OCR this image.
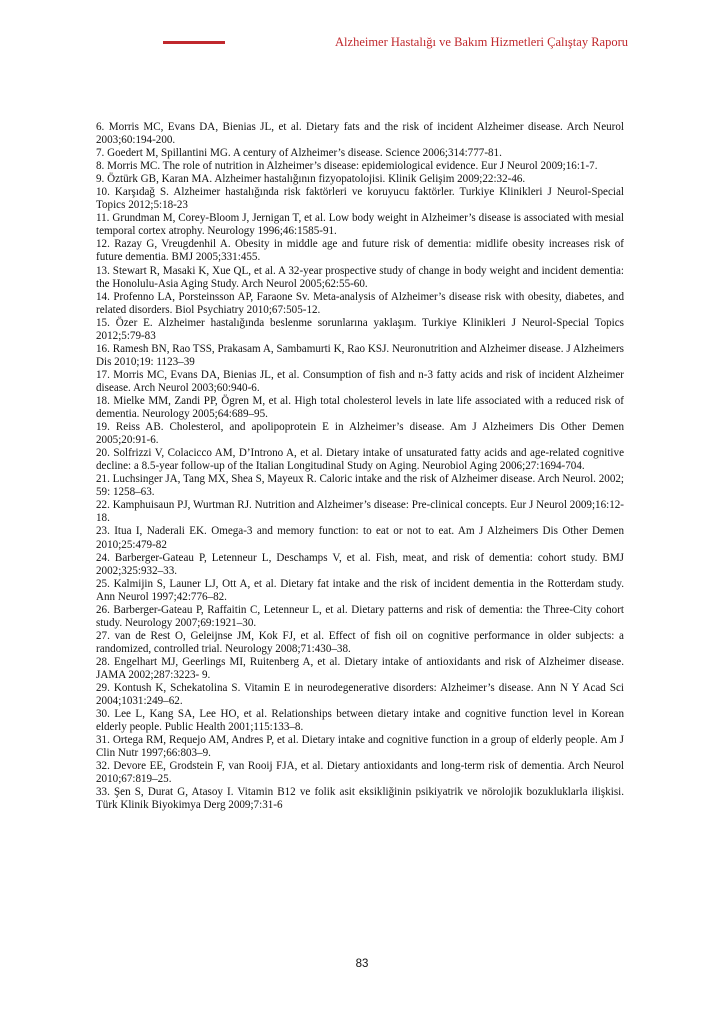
Alzheimer Hastalığı ve Bakım Hizmetleri Çalıştay Raporu
6. Morris MC, Evans DA, Bienias JL, et al. Dietary fats and the risk of incident Alzheimer disease. Arch Neurol 2003;60:194-200.
7. Goedert M, Spillantini MG. A century of Alzheimer’s disease. Science 2006;314:777-81.
8. Morris MC. The role of nutrition in Alzheimer’s disease: epidemiological evidence. Eur J Neurol 2009;16:1-7.
9. Öztürk GB, Karan MA. Alzheimer hastalığının fizyopatolojisi. Klinik Gelişim 2009;22:32-46.
10. Karşıdağ S. Alzheimer hastalığında risk faktörleri ve koruyucu faktörler. Turkiye Klinikleri J Neurol-Special Topics 2012;5:18-23
11. Grundman M, Corey-Bloom J, Jernigan T, et al. Low body weight in Alzheimer’s disease is associated with mesial temporal cortex atrophy. Neurology 1996;46:1585-91.
12. Razay G, Vreugdenhil A. Obesity in middle age and future risk of dementia: midlife obesity increases risk of future dementia. BMJ 2005;331:455.
13. Stewart R, Masaki K, Xue QL, et al. A 32-year prospective study of change in body weight and incident dementia: the Honolulu-Asia Aging Study. Arch Neurol 2005;62:55-60.
14. Profenno LA, Porsteinsson AP, Faraone Sv. Meta-analysis of Alzheimer’s disease risk with obesity, diabetes, and related disorders. Biol Psychiatry 2010;67:505-12.
15. Özer E. Alzheimer hastalığında beslenme sorunlarına yaklaşım. Turkiye Klinikleri J Neurol-Special Topics 2012;5:79-83
16. Ramesh BN, Rao TSS, Prakasam A, Sambamurti K, Rao KSJ. Neuronutrition and Alzheimer disease. J Alzheimers Dis 2010;19: 1123–39
17. Morris MC, Evans DA, Bienias JL, et al. Consumption of fish and n-3 fatty acids and risk of incident Alzheimer disease. Arch Neurol 2003;60:940-6.
18. Mielke MM, Zandi PP, Ögren M, et al. High total cholesterol levels in late life associated with a reduced risk of dementia. Neurology 2005;64:689–95.
19. Reiss AB. Cholesterol, and apolipoprotein E in Alzheimer’s disease. Am J Alzheimers Dis Other Demen 2005;20:91-6.
20. Solfrizzi V, Colacicco AM, D’Introno A, et al. Dietary intake of unsaturated fatty acids and age-related cognitive decline: a 8.5-year follow-up of the Italian Longitudinal Study on Aging. Neurobiol Aging 2006;27:1694-704.
21. Luchsinger JA, Tang MX, Shea S, Mayeux R. Caloric intake and the risk of Alzheimer disease. Arch Neurol. 2002; 59: 1258–63.
22. Kamphuisaun PJ, Wurtman RJ. Nutrition and Alzheimer’s disease: Pre-clinical concepts. Eur J Neurol 2009;16:12-18.
23. Itua I, Naderali EK. Omega-3 and memory function: to eat or not to eat. Am J Alzheimers Dis Other Demen 2010;25:479-82
24. Barberger-Gateau P, Letenneur L, Deschamps V, et al. Fish, meat, and risk of dementia: cohort study. BMJ 2002;325:932–33.
25. Kalmijin S, Launer LJ, Ott A, et al. Dietary fat intake and the risk of incident dementia in the Rotterdam study. Ann Neurol 1997;42:776–82.
26. Barberger-Gateau P, Raffaitin C, Letenneur L, et al. Dietary patterns and risk of dementia: the Three-City cohort study. Neurology 2007;69:1921–30.
27. van de Rest O, Geleijnse JM, Kok FJ, et al. Effect of fish oil on cognitive performance in older subjects: a randomized, controlled trial. Neurology 2008;71:430–38.
28. Engelhart MJ, Geerlings MI, Ruitenberg A, et al. Dietary intake of antioxidants and risk of Alzheimer disease. JAMA 2002;287:3223- 9.
29. Kontush K, Schekatolina S. Vitamin E in neurodegenerative disorders: Alzheimer’s disease. Ann N Y Acad Sci 2004;1031:249–62.
30. Lee L, Kang SA, Lee HO, et al. Relationships between dietary intake and cognitive function level in Korean elderly people. Public Health 2001;115:133–8.
31. Ortega RM, Requejo AM, Andres P, et al. Dietary intake and cognitive function in a group of elderly people. Am J Clin Nutr 1997;66:803–9.
32. Devore EE, Grodstein F, van Rooij FJA, et al. Dietary antioxidants and long-term risk of dementia. Arch Neurol 2010;67:819–25.
33. Şen S, Durat G, Atasoy I. Vitamin B12 ve folik asit eksikliğinin psikiyatrik ve nörolojik bozukluklarla ilişkisi. Türk Klinik Biyokimya Derg 2009;7:31-6
83
